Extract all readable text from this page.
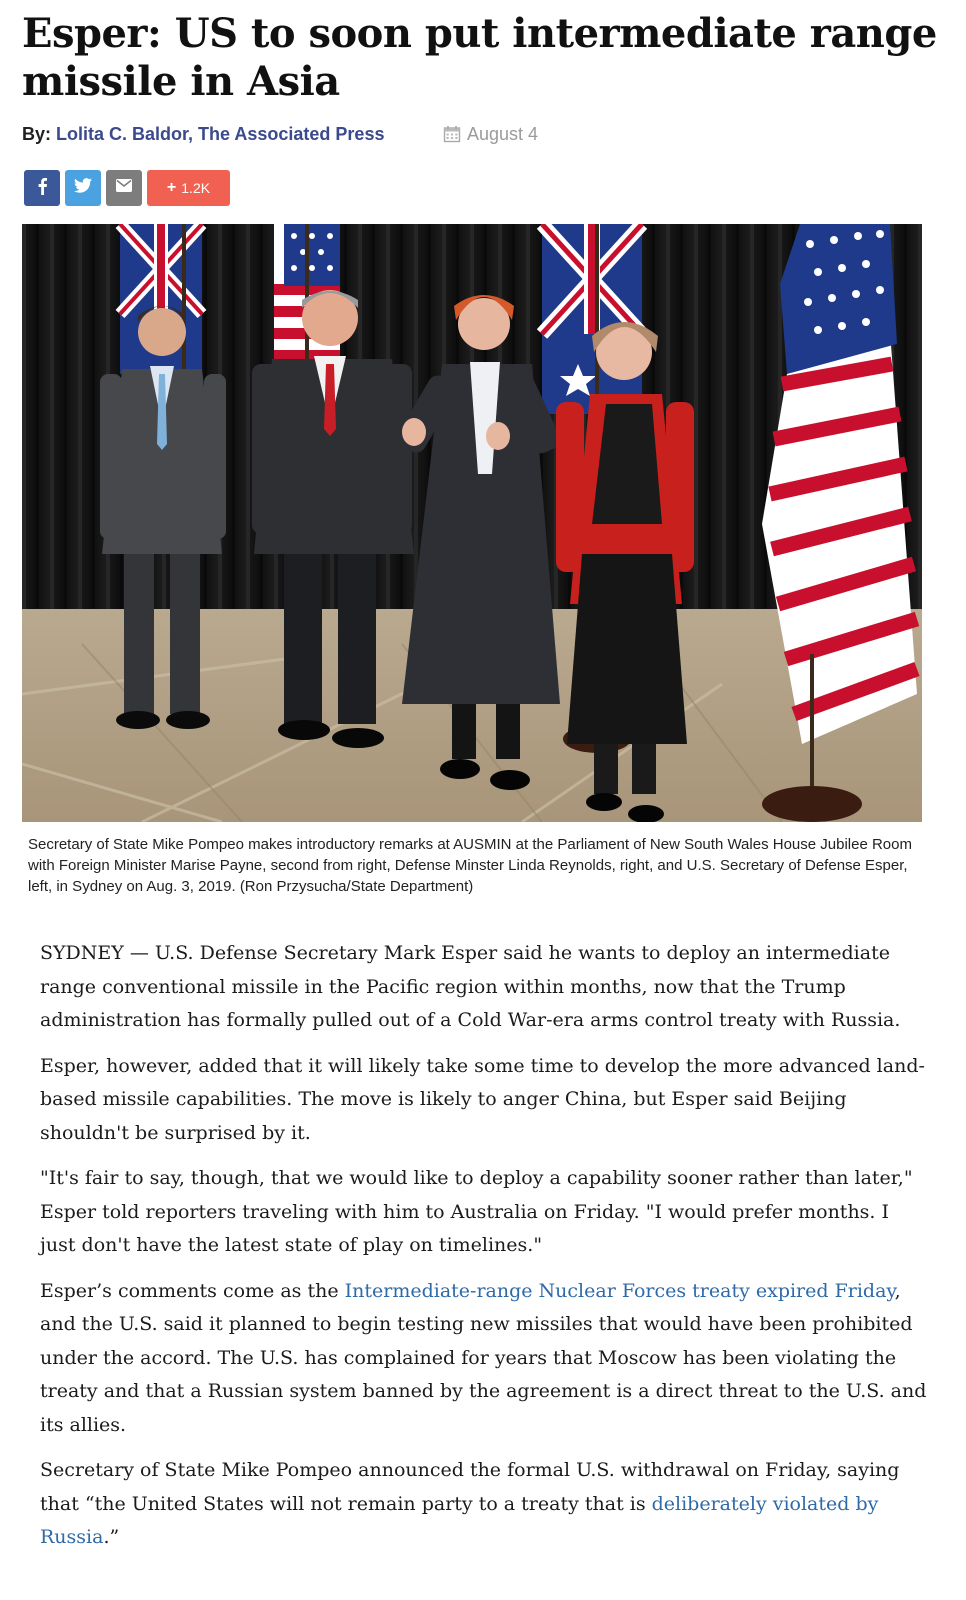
Esper: US to soon put intermediate range missile in Asia
By: Lolita C. Baldor, The Associated Press	August 4
+ 1.2K

Secretary of State Mike Pompeo makes introductory remarks at AUSMIN at the Parliament of New South Wales House Jubilee Room with Foreign Minister Marise Payne, second from right, Defense Minster Linda Reynolds, right, and U.S. Secretary of Defense Esper, left, in Sydney on Aug. 3, 2019. (Ron Przysucha/State Department)

SYDNEY — U.S. Defense Secretary Mark Esper said he wants to deploy an intermediate range conventional missile in the Pacific region within months, now that the Trump administration has formally pulled out of a Cold War-era arms control treaty with Russia.

Esper, however, added that it will likely take some time to develop the more advanced land-based missile capabilities. The move is likely to anger China, but Esper said Beijing shouldn't be surprised by it.

"It's fair to say, though, that we would like to deploy a capability sooner rather than later," Esper told reporters traveling with him to Australia on Friday. "I would prefer months. I just don't have the latest state of play on timelines."

Esper’s comments come as the Intermediate-range Nuclear Forces treaty expired Friday, and the U.S. said it planned to begin testing new missiles that would have been prohibited under the accord. The U.S. has complained for years that Moscow has been violating the treaty and that a Russian system banned by the agreement is a direct threat to the U.S. and its allies.

Secretary of State Mike Pompeo announced the formal U.S. withdrawal on Friday, saying that “the United States will not remain party to a treaty that is deliberately violated by Russia.”
